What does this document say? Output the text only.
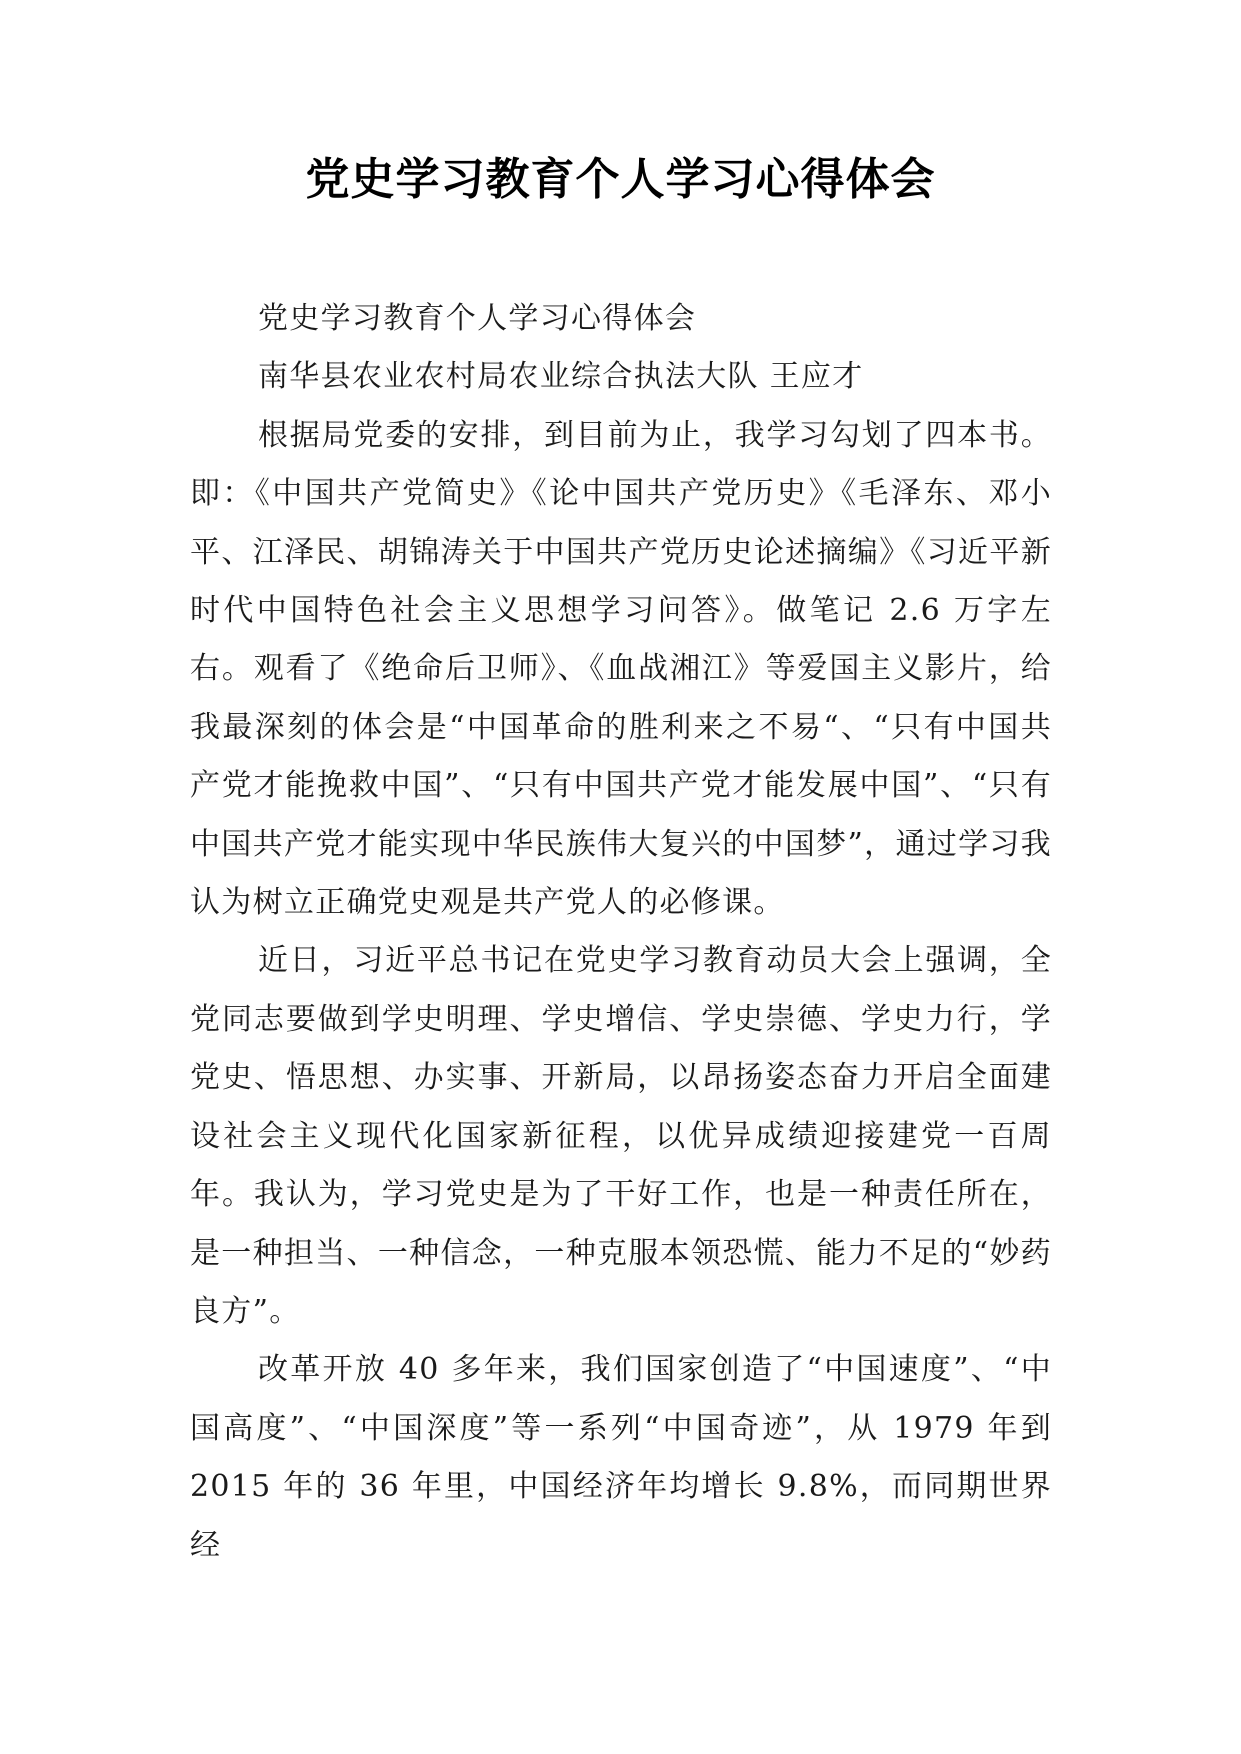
党史学习教育个人学习心得体会

党史学习教育个人学习心得体会

南华县农业农村局农业综合执法大队 王应才

根据局党委的安排，到目前为止，我学习勾划了四本书。即：《中国共产党简史》《论中国共产党历史》《毛泽东、邓小平、江泽民、胡锦涛关于中国共产党历史论述摘编》《习近平新时代中国特色社会主义思想学习问答》。做笔记 2.6 万字左右。观看了《绝命后卫师》、《血战湘江》等爱国主义影片，给我最深刻的体会是“中国革命的胜利来之不易“、“只有中国共产党才能挽救中国”、“只有中国共产党才能发展中国”、“只有中国共产党才能实现中华民族伟大复兴的中国梦”，通过学习我认为树立正确党史观是共产党人的必修课。

近日，习近平总书记在党史学习教育动员大会上强调，全党同志要做到学史明理、学史增信、学史崇德、学史力行，学党史、悟思想、办实事、开新局，以昂扬姿态奋力开启全面建设社会主义现代化国家新征程，以优异成绩迎接建党一百周年。我认为，学习党史是为了干好工作，也是一种责任所在，是一种担当、一种信念，一种克服本领恐慌、能力不足的“妙药良方”。

改革开放 40 多年来，我们国家创造了“中国速度”、“中国高度”、“中国深度”等一系列“中国奇迹”，从 1979 年到 2015 年的 36 年里，中国经济年均增长 9.8%，而同期世界经
